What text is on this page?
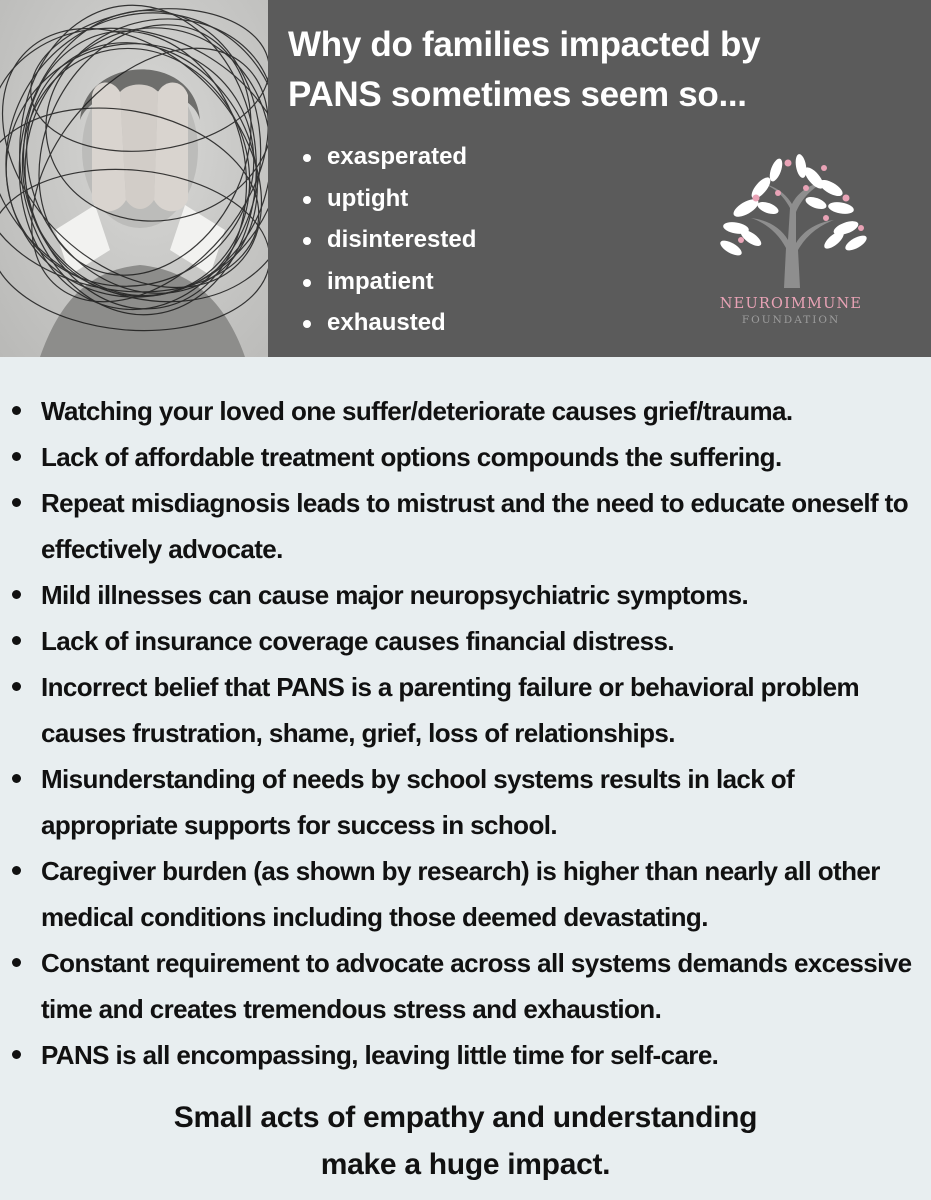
Why do families impacted by
PANS sometimes seem so...
exasperated
uptight
disinterested
impatient
exhausted
NEUROIMMUNE
FOUNDATION
Watching your loved one suffer/deteriorate causes grief/trauma.
Lack of affordable treatment options compounds the suffering.
Repeat misdiagnosis leads to mistrust and the need to educate oneself to effectively advocate.
Mild illnesses can cause major neuropsychiatric symptoms.
Lack of insurance coverage causes financial distress.
Incorrect belief that PANS is a parenting failure or behavioral problem causes frustration, shame, grief, loss of relationships.
Misunderstanding of needs by school systems results in lack of appropriate supports for success in school.
Caregiver burden (as shown by research) is higher than nearly all other medical conditions including those deemed devastating.
Constant requirement to advocate across all systems demands excessive time and creates tremendous stress and exhaustion.
PANS is all encompassing, leaving little time for self-care.

Small acts of empathy and understanding
make a huge impact.
